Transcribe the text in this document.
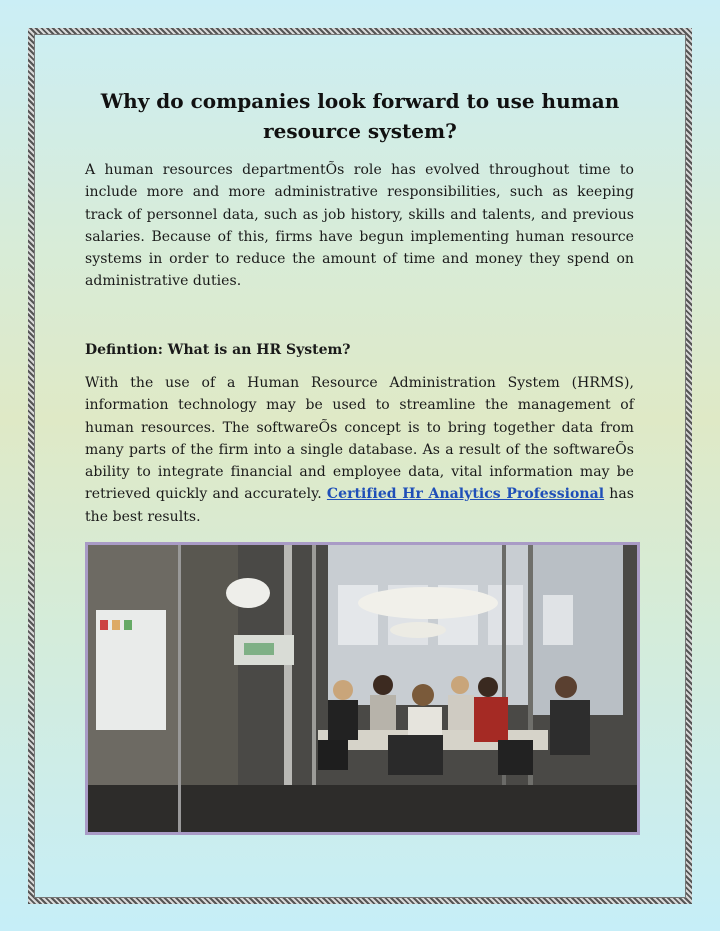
Why do companies look forward to use human resource system?
A human resources departmentÕs role has evolved throughout time to include more and more administrative responsibilities, such as keeping track of personnel data, such as job history, skills and talents, and previous salaries. Because of this, firms have begun implementing human resource systems in order to reduce the amount of time and money they spend on administrative duties.
Defintion: What is an HR System?
With the use of a Human Resource Administration System (HRMS), information technology may be used to streamline the management of human resources. The softwareÕs concept is to bring together data from many parts of the firm into a single database. As a result of the softwareÕs ability to integrate financial and employee data, vital information may be retrieved quickly and accurately. Certified Hr Analytics Professional has the best results.
